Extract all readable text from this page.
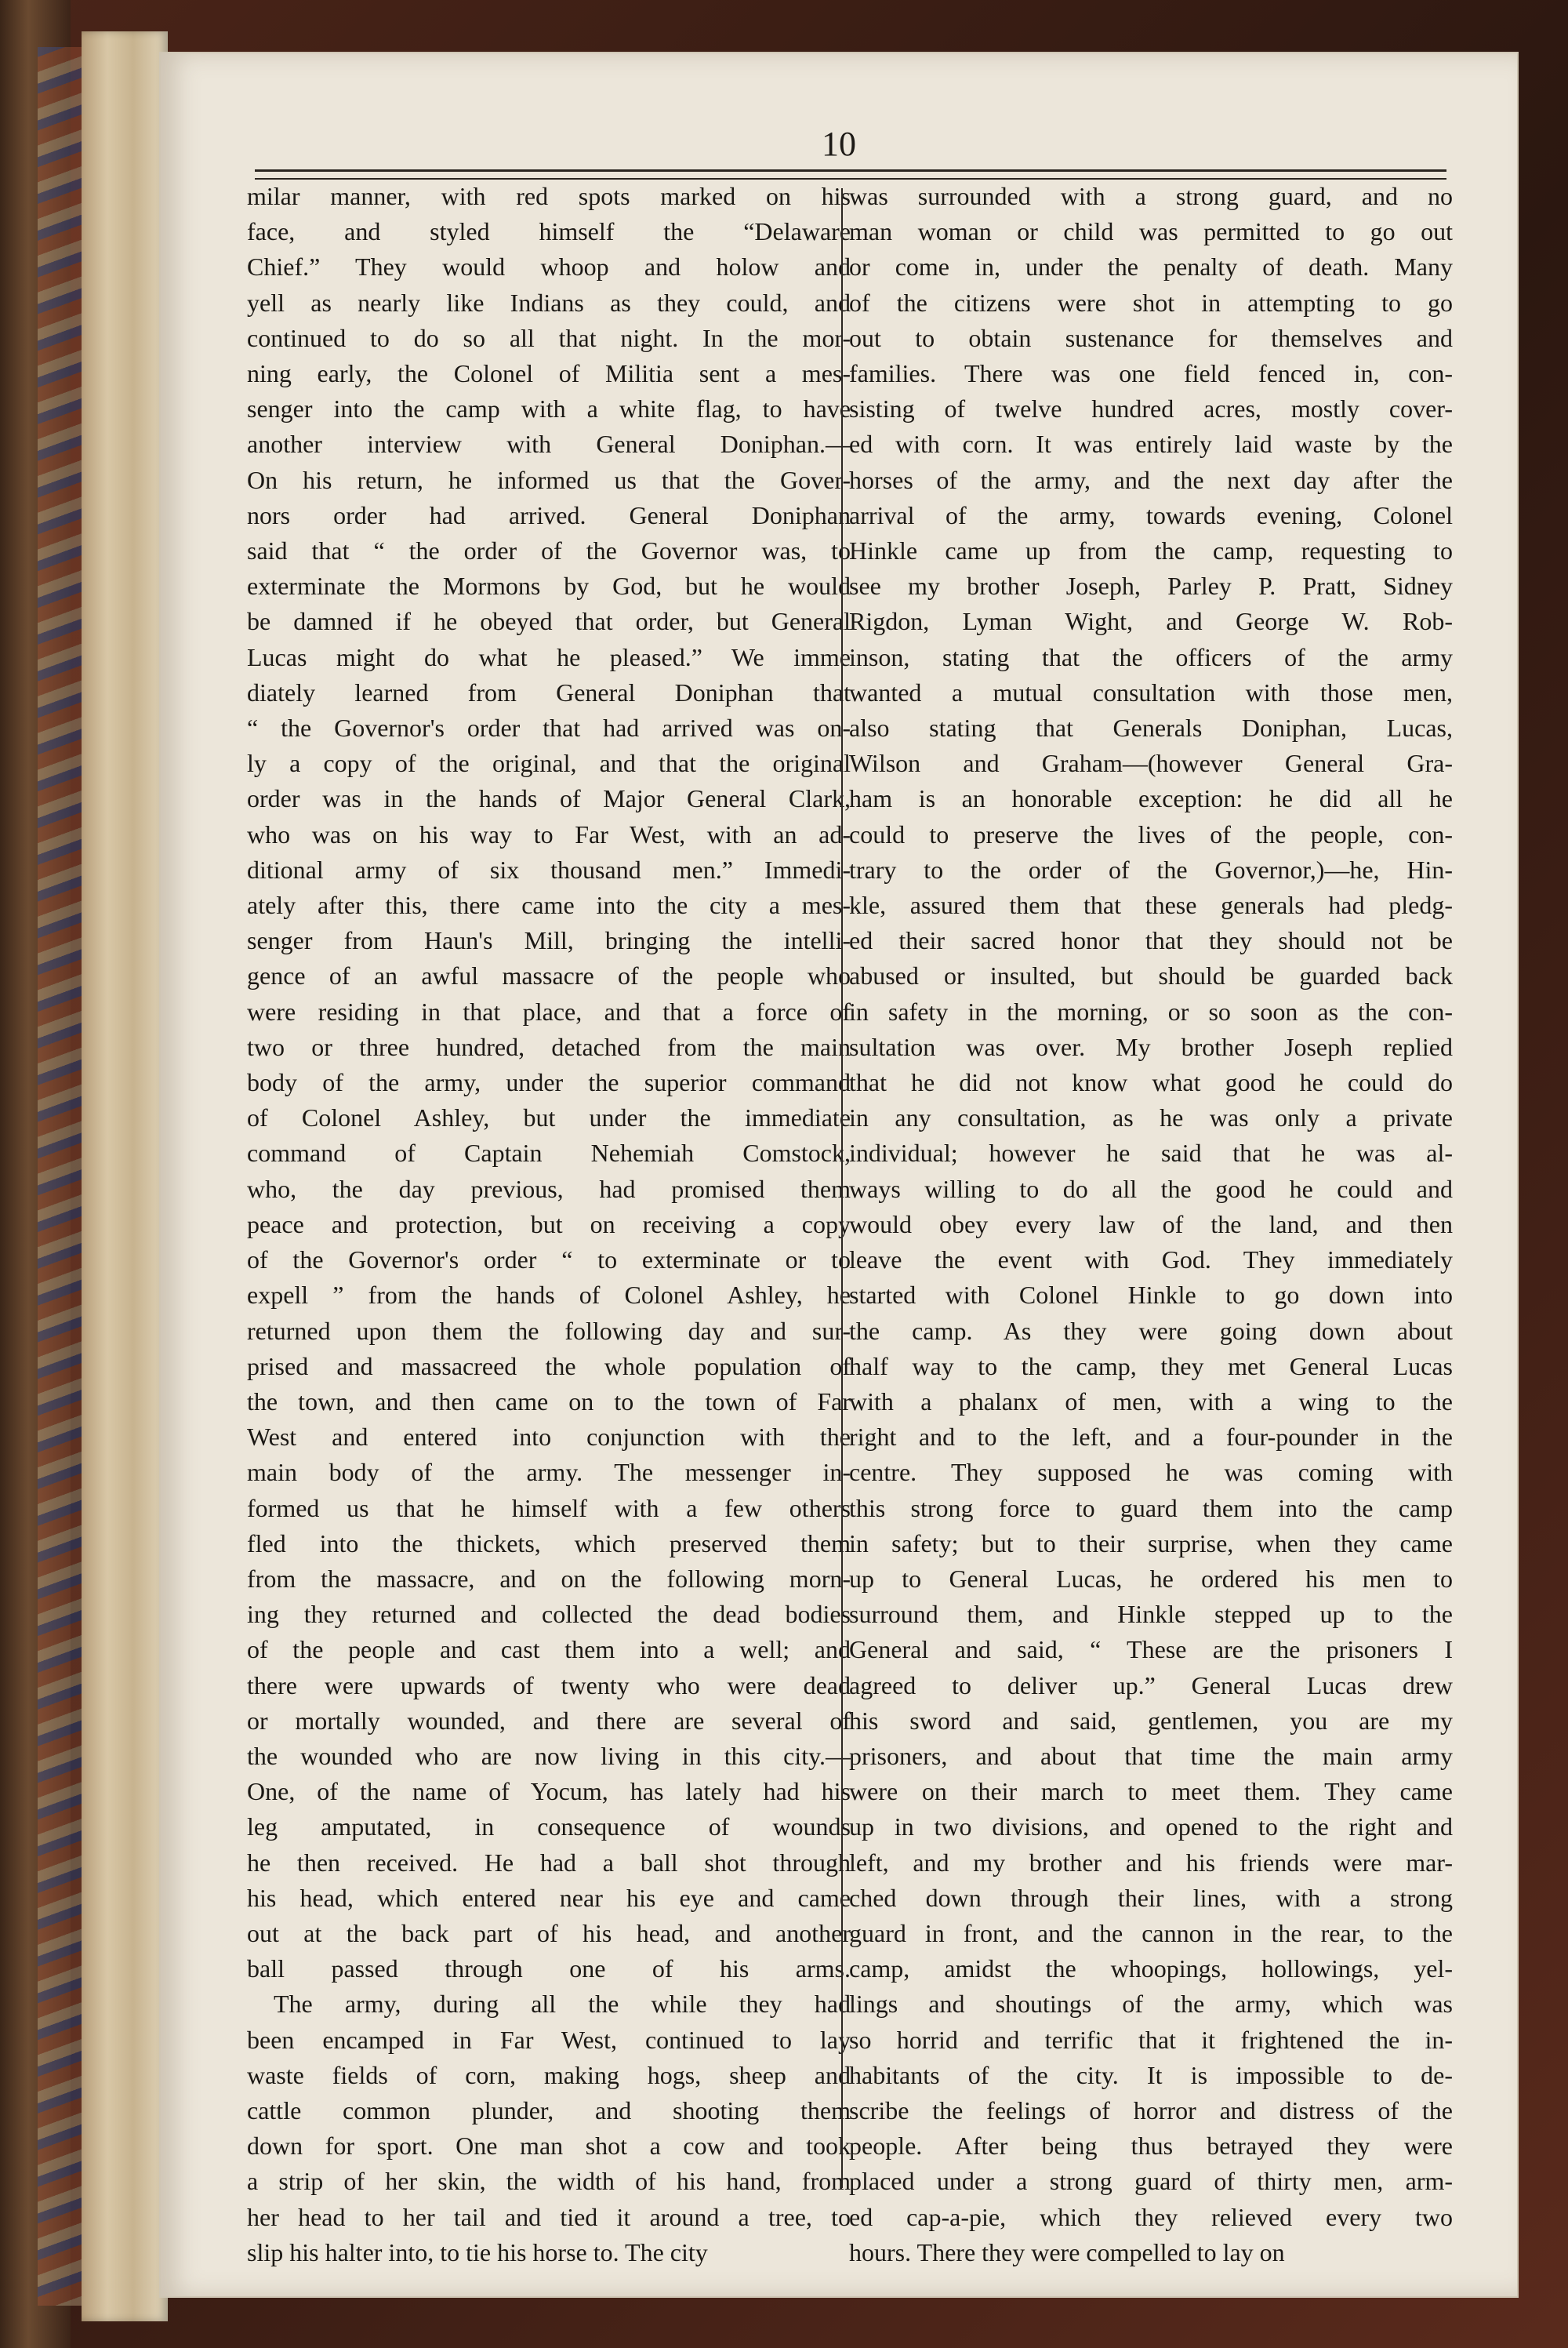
10
milar manner, with red spots marked on his
face, and styled himself the “Delaware
Chief.” They would whoop and holow and
yell as nearly like Indians as they could, and
continued to do so all that night. In the mor-
ning early, the Colonel of Militia sent a mes-
senger into the camp with a white flag, to have
another interview with General Doniphan.—
On his return, he informed us that the Gover-
nors order had arrived. General Doniphan
said that “ the order of the Governor was, to
exterminate the Mormons by God, but he would
be damned if he obeyed that order, but General
Lucas might do what he pleased.” We imme
diately learned from General Doniphan that
“ the Governor's order that had arrived was on-
ly a copy of the original, and that the original
order was in the hands of Major General Clark,
who was on his way to Far West, with an ad-
ditional army of six thousand men.” Immedi-
ately after this, there came into the city a mes-
senger from Haun's Mill, bringing the intelli-
gence of an awful massacre of the people who
were residing in that place, and that a force of
two or three hundred, detached from the main
body of the army, under the superior command
of Colonel Ashley, but under the immediate
command of Captain Nehemiah Comstock,
who, the day previous, had promised them
peace and protection, but on receiving a copy
of the Governor's order “ to exterminate or to
expell ” from the hands of Colonel Ashley, he
returned upon them the following day and sur-
prised and massacreed the whole population of
the town, and then came on to the town of Far
West and entered into conjunction with the
main body of the army. The messenger in-
formed us that he himself with a few others
fled into the thickets, which preserved them
from the massacre, and on the following morn-
ing they returned and collected the dead bodies
of the people and cast them into a well; and
there were upwards of twenty who were dead
or mortally wounded, and there are several of
the wounded who are now living in this city.—
One, of the name of Yocum, has lately had his
leg amputated, in consequence of wounds
he then received. He had a ball shot through
his head, which entered near his eye and came
out at the back part of his head, and another
ball passed through one of his arms.
The army, during all the while they had
been encamped in Far West, continued to lay
waste fields of corn, making hogs, sheep and
cattle common plunder, and shooting them
down for sport. One man shot a cow and took
a strip of her skin, the width of his hand, from
her head to her tail and tied it around a tree, to
slip his halter into, to tie his horse to. The city
was surrounded with a strong guard, and no
man woman or child was permitted to go out
or come in, under the penalty of death. Many
of the citizens were shot in attempting to go
out to obtain sustenance for themselves and
families. There was one field fenced in, con-
sisting of twelve hundred acres, mostly cover-
ed with corn. It was entirely laid waste by the
horses of the army, and the next day after the
arrival of the army, towards evening, Colonel
Hinkle came up from the camp, requesting to
see my brother Joseph, Parley P. Pratt, Sidney
Rigdon, Lyman Wight, and George W. Rob-
inson, stating that the officers of the army
wanted a mutual consultation with those men,
also stating that Generals Doniphan, Lucas,
Wilson and Graham—(however General Gra-
ham is an honorable exception: he did all he
could to preserve the lives of the people, con-
trary to the order of the Governor,)—he, Hin-
kle, assured them that these generals had pledg-
ed their sacred honor that they should not be
abused or insulted, but should be guarded back
in safety in the morning, or so soon as the con-
sultation was over. My brother Joseph replied
that he did not know what good he could do
in any consultation, as he was only a private
individual; however he said that he was al-
ways willing to do all the good he could and
would obey every law of the land, and then
leave the event with God. They immediately
started with Colonel Hinkle to go down into
the camp. As they were going down about
half way to the camp, they met General Lucas
with a phalanx of men, with a wing to the
right and to the left, and a four-pounder in the
centre. They supposed he was coming with
this strong force to guard them into the camp
in safety; but to their surprise, when they came
up to General Lucas, he ordered his men to
surround them, and Hinkle stepped up to the
General and said, “ These are the prisoners I
agreed to deliver up.” General Lucas drew
his sword and said, gentlemen, you are my
prisoners, and about that time the main army
were on their march to meet them. They came
up in two divisions, and opened to the right and
left, and my brother and his friends were mar-
ched down through their lines, with a strong
guard in front, and the cannon in the rear, to the
camp, amidst the whoopings, hollowings, yel-
lings and shoutings of the army, which was
so horrid and terrific that it frightened the in-
habitants of the city. It is impossible to de-
scribe the feelings of horror and distress of the
people. After being thus betrayed they were
placed under a strong guard of thirty men, arm-
ed cap-a-pie, which they relieved every two
hours. There they were compelled to lay on
